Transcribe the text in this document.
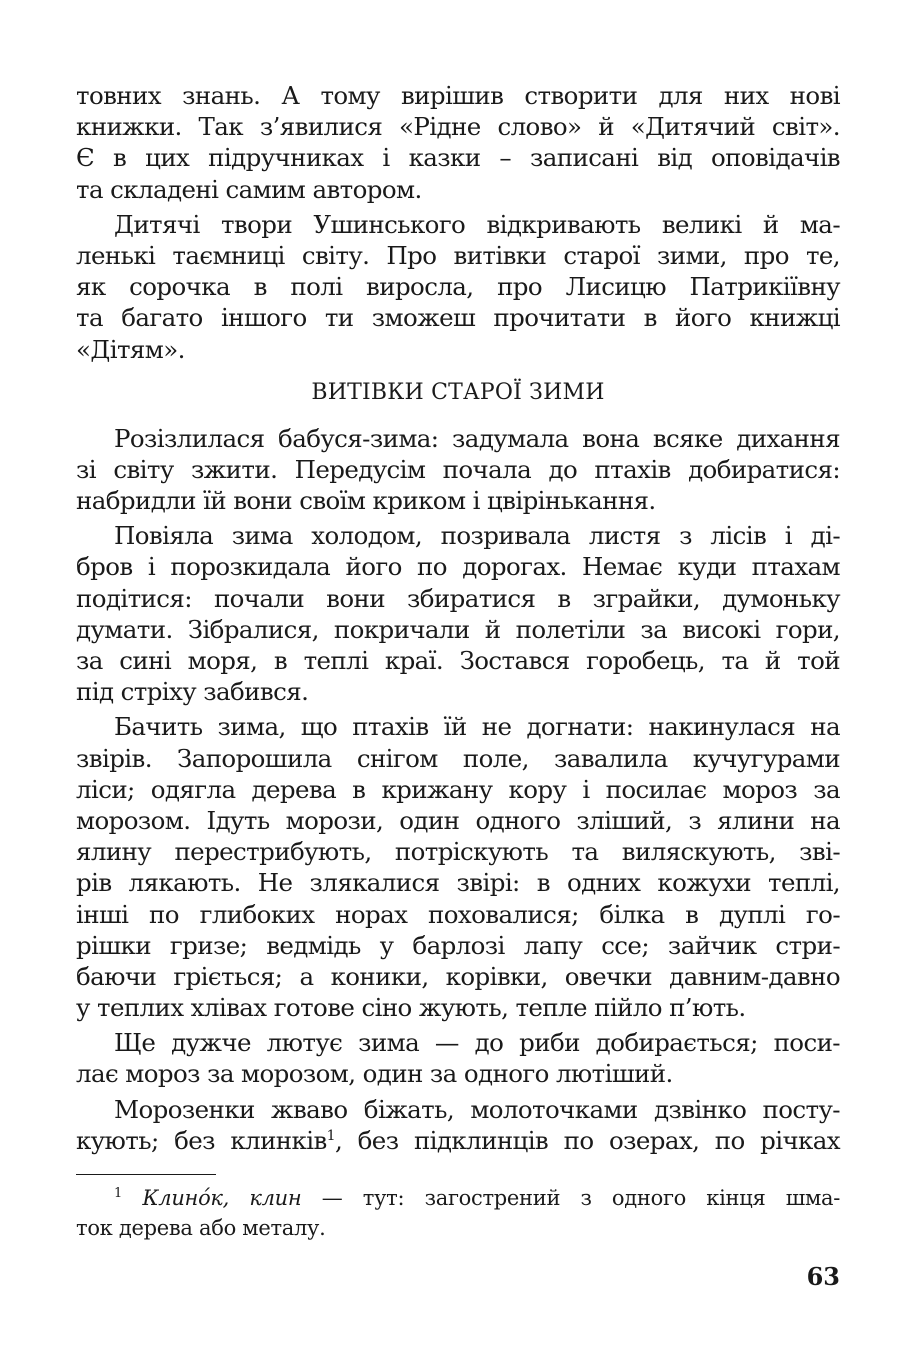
товних знань. А тому вирішив створити для них нові
книжки. Так з’явилися «Рідне слово» й «Дитячий світ».
Є в цих підручниках і казки – записані від оповідачів
та складені самим автором.
Дитячі твори Ушинського відкривають великі й ма-
ленькі таємниці світу. Про витівки старої зими, про те,
як сорочка в полі виросла, про Лисицю Патрикіївну
та багато іншого ти зможеш прочитати в його книжці
«Дітям».
ВИТІВКИ СТАРОЇ ЗИМИ
Розізлилася бабуся-зима: задумала вона всяке дихання
зі світу зжити. Передусім почала до птахів добиратися:
набридли їй вони своїм криком і цвірінькання.
Повіяла зима холодом, позривала листя з лісів і ді-
бров і порозкидала його по дорогах. Немає куди птахам
подітися: почали вони збиратися в зграйки, думоньку
думати. Зібралися, покричали й полетіли за високі гори,
за сині моря, в теплі краї. Зостався горобець, та й той
під стріху забився.
Бачить зима, що птахів їй не догнати: накинулася на
звірів. Запорошила снігом поле, завалила кучугурами
ліси; одягла дерева в крижану кору і посилає мороз за
морозом. Ідуть морози, один одного зліший, з ялини на
ялину перестрибують, потріскують та виляскують, зві-
рів лякають. Не злякалися звірі: в одних кожухи теплі,
інші по глибоких норах поховалися; білка в дуплі го-
рішки гризе; ведмідь у барлозі лапу ссе; зайчик стри-
баючи гріється; а коники, корівки, овечки давним-давно
у теплих хлівах готове сіно жують, тепле пійло п’ють.
Ще дужче лютує зима — до риби добирається; поси-
лає мороз за морозом, один за одного лютіший.
Морозенки жваво біжать, молоточками дзвінко посту-
кують; без клинків$^1$, без підклинців по озерах, по річках
$^1$ Клино́к, клин — тут: загострений з одного кінця шма-
ток дерева або металу.
63
